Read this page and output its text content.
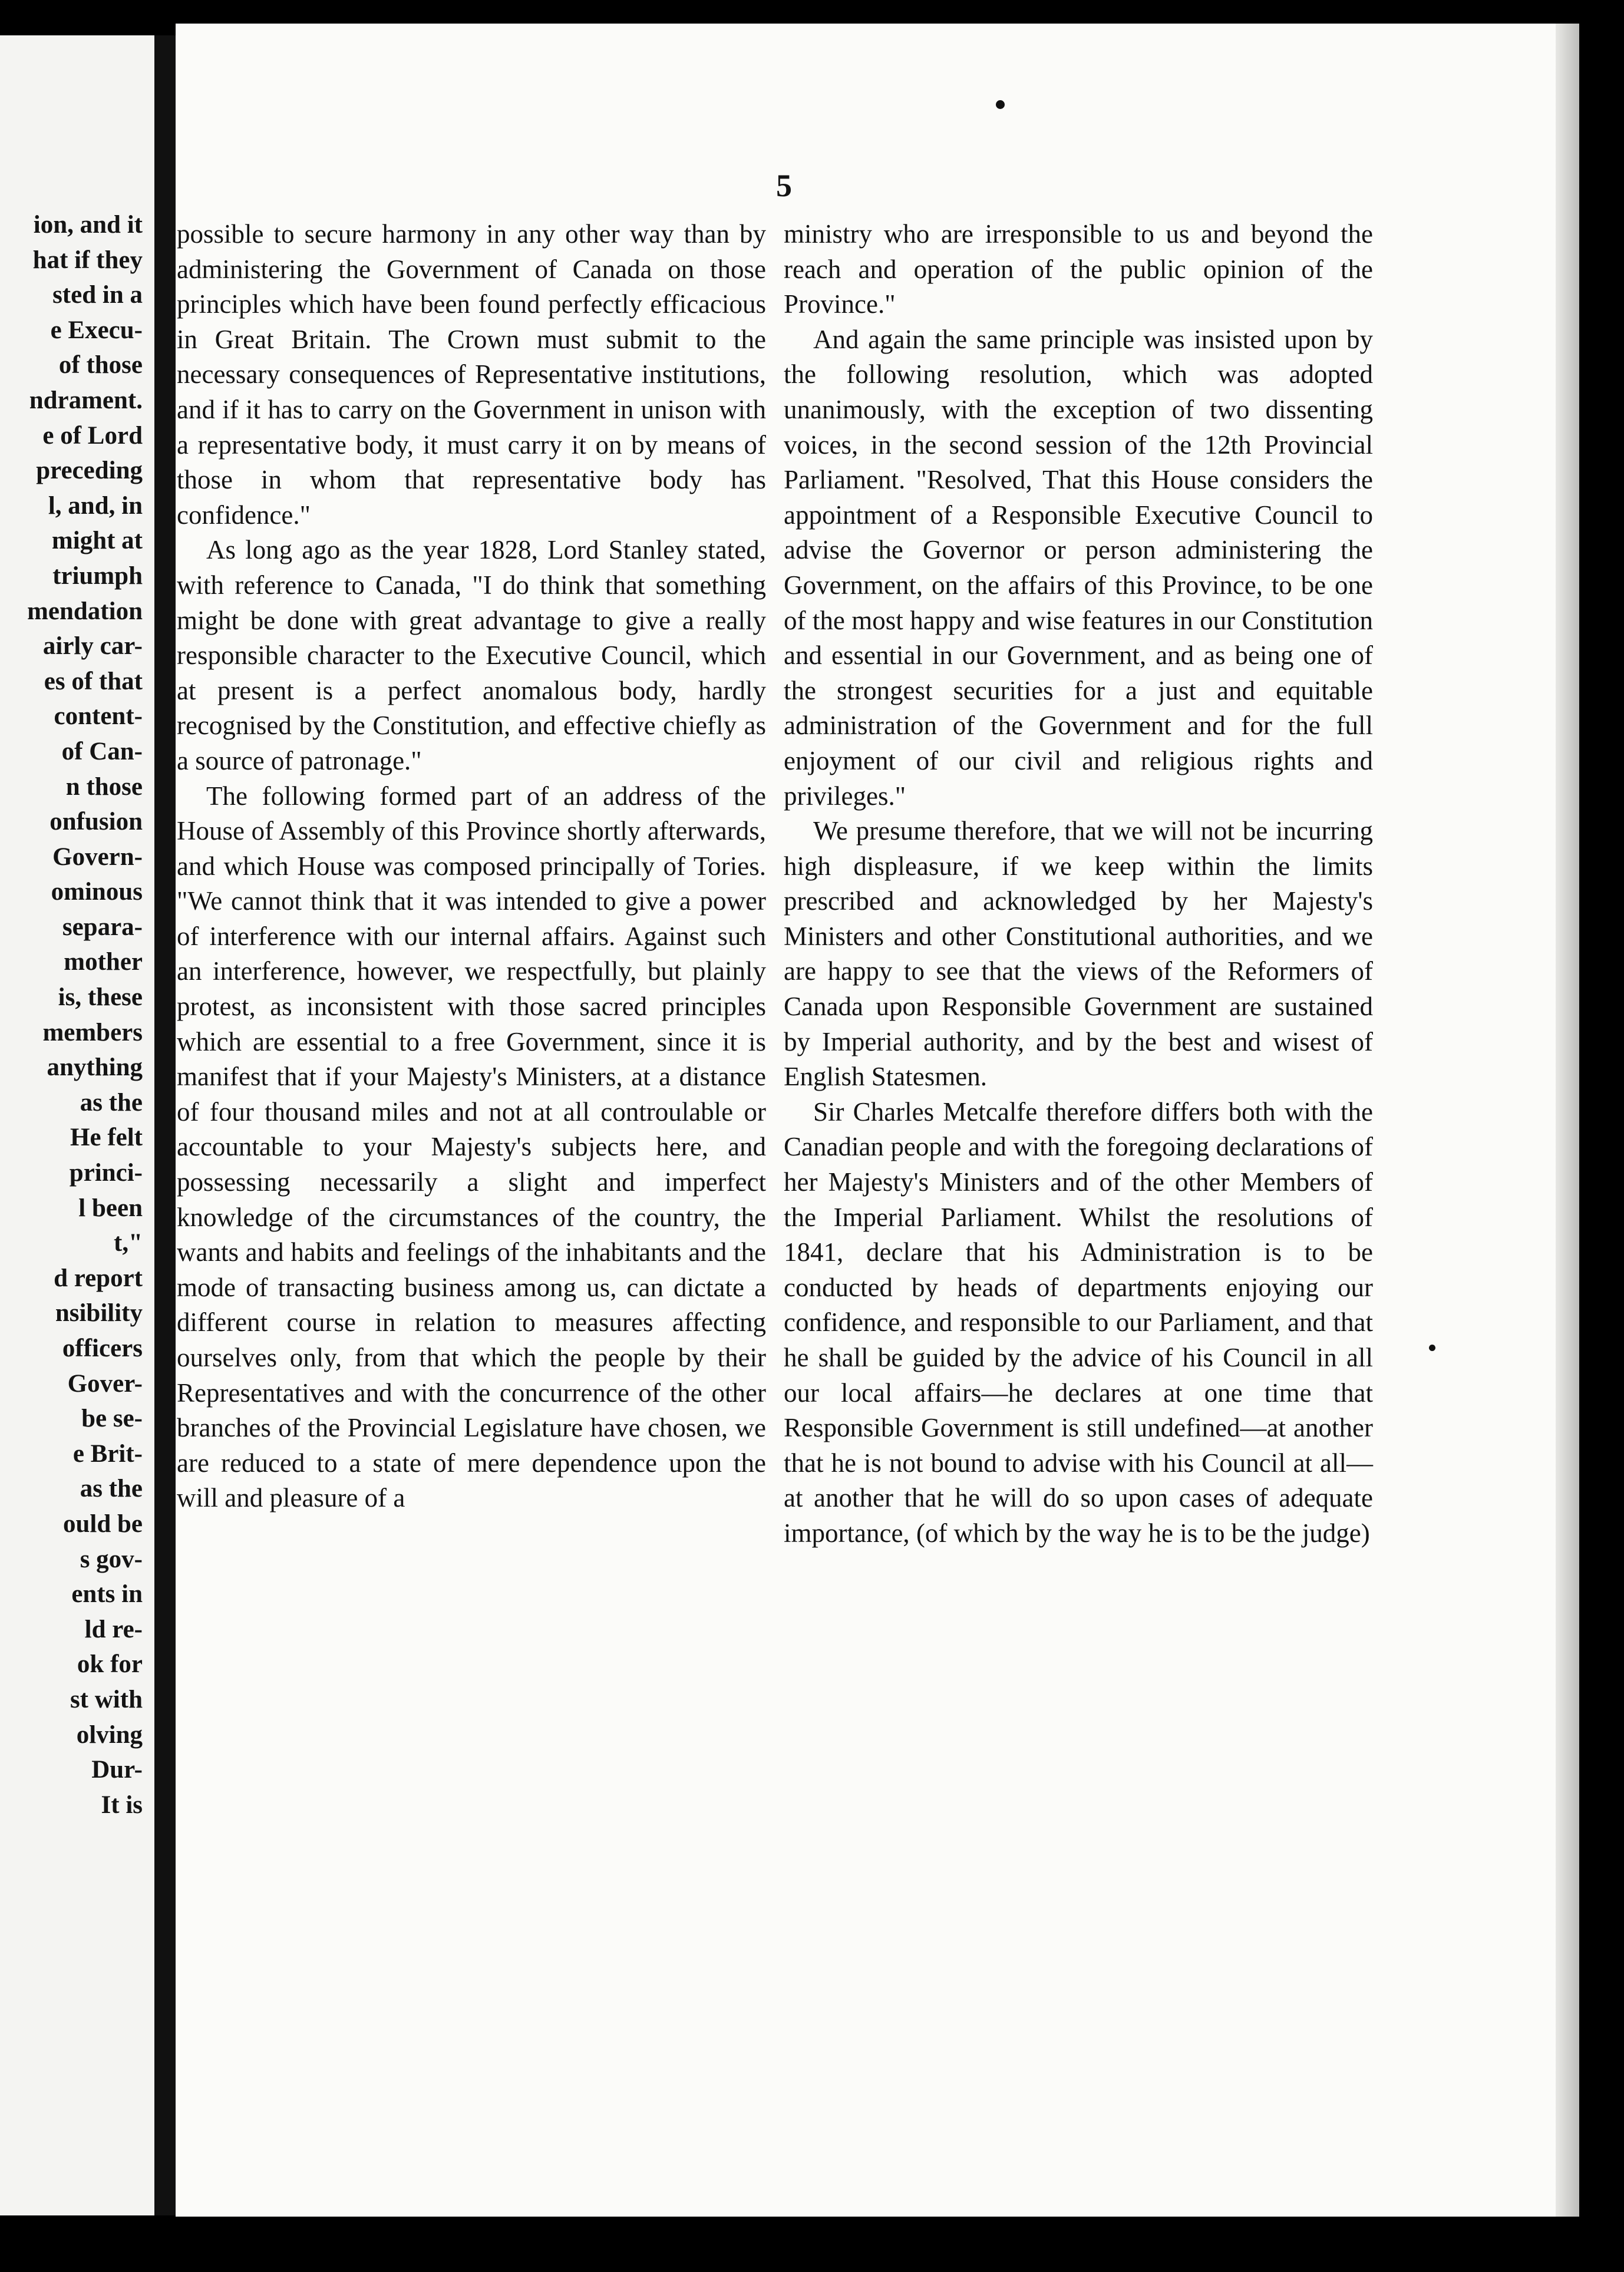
ion, and it
hat if they
sted in a
e Execu-
of those
ndrament.
e of Lord
preceding
l, and, in
might at
triumph
mendation
airly car-
es of that
content-
of Can-
n those
onfusion
Govern-
ominous
separa-
mother
is, these
members
anything
as the
He felt
princi-
l been
t,"
d report
nsibility
officers
Gover-
be se-
e Brit-
as the
ould be
s gov-
ents in
ld re-
ok for
st with
olving
Dur-
It is
5

possible to secure harmony in any other way than by administering the Government of Canada on those principles which have been found perfectly efficacious in Great Britain. The Crown must submit to the necessary consequences of Representative institutions, and if it has to carry on the Government in unison with a representative body, it must carry it on by means of those in whom that representative body has confidence."

As long ago as the year 1828, Lord Stanley stated, with reference to Canada, "I do think that something might be done with great advantage to give a really responsible character to the Executive Council, which at present is a perfect anomalous body, hardly recognised by the Constitution, and effective chiefly as a source of patronage."

The following formed part of an address of the House of Assembly of this Province shortly afterwards, and which House was composed principally of Tories. "We cannot think that it was intended to give a power of interference with our internal affairs. Against such an interference, however, we respectfully, but plainly protest, as inconsistent with those sacred principles which are essential to a free Government, since it is manifest that if your Majesty's Ministers, at a distance of four thousand miles and not at all controulable or accountable to your Majesty's subjects here, and possessing necessarily a slight and imperfect knowledge of the circumstances of the country, the wants and habits and feelings of the inhabitants and the mode of transacting business among us, can dictate a different course in relation to measures affecting ourselves only, from that which the people by their Representatives and with the concurrence of the other branches of the Provincial Legislature have chosen, we are reduced to a state of mere dependence upon the will and pleasure of a

ministry who are irresponsible to us and beyond the reach and operation of the public opinion of the Province."

And again the same principle was insisted upon by the following resolution, which was adopted unanimously, with the exception of two dissenting voices, in the second session of the 12th Provincial Parliament. "Resolved, That this House considers the appointment of a Responsible Executive Council to advise the Governor or person administering the Government, on the affairs of this Province, to be one of the most happy and wise features in our Constitution and essential in our Government, and as being one of the strongest securities for a just and equitable administration of the Government and for the full enjoyment of our civil and religious rights and privileges."

We presume therefore, that we will not be incurring high displeasure, if we keep within the limits prescribed and acknowledged by her Majesty's Ministers and other Constitutional authorities, and we are happy to see that the views of the Reformers of Canada upon Responsible Government are sustained by Imperial authority, and by the best and wisest of English Statesmen.

Sir Charles Metcalfe therefore differs both with the Canadian people and with the foregoing declarations of her Majesty's Ministers and of the other Members of the Imperial Parliament. Whilst the resolutions of 1841, declare that his Administration is to be conducted by heads of departments enjoying our confidence, and responsible to our Parliament, and that he shall be guided by the advice of his Council in all our local affairs—he declares at one time that Responsible Government is still undefined—at another that he is not bound to advise with his Council at all—at another that he will do so upon cases of adequate importance, (of which by the way he is to be the judge)
